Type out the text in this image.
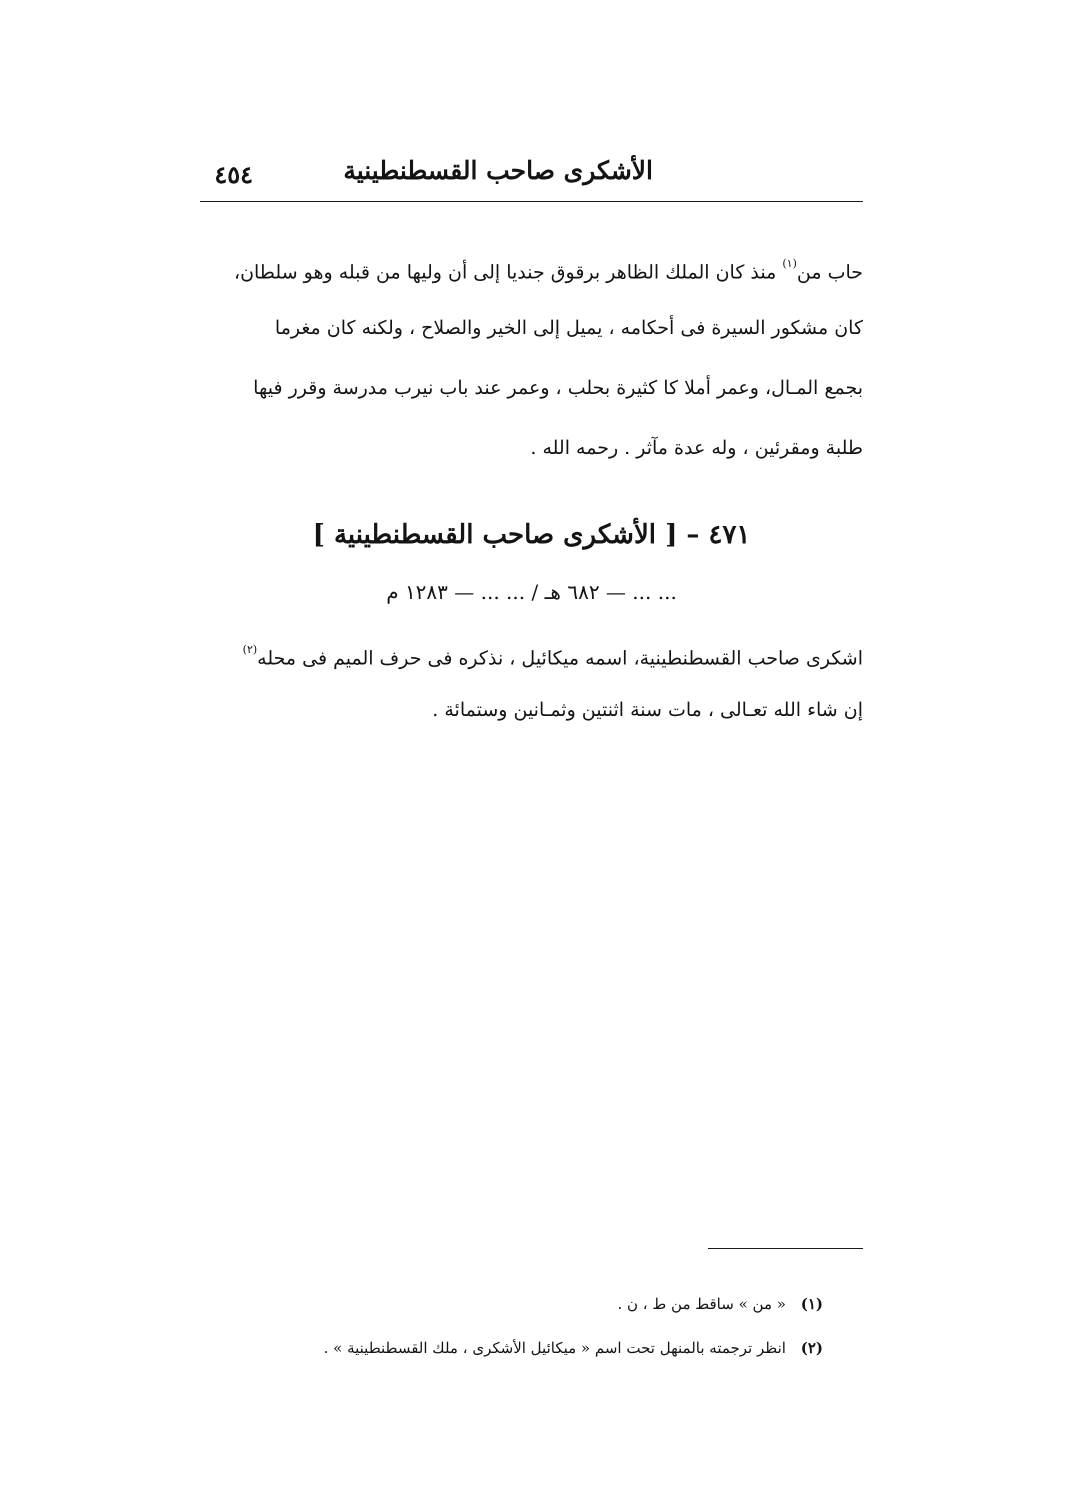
الأشكرى صاحب القسطنطينية
٤٥٤
حاب من$^{(١)}$ منذ كان الملك الظاهر برقوق جنديا إلى أن وليها من قبله وهو سلطان،
كان مشكور السيرة فى أحكامه ، يميل إلى الخير والصلاح ، ولكنه كان مغرما
بجمع المـال، وعمر أملا كا كثيرة بحلب ، وعمر عند باب نيرب مدرسة وقرر فيها
طلبة ومقرئين ، وله عدة مآثر . رحمه الله .
٤٧١ – [ الأشكرى صاحب القسطنطينية ]
... ... — ٦٨٢ هـ / ... ... — ١٢٨٣ م
اشكرى صاحب القسطنطينية، اسمه ميكائيل ، نذكره فى حرف الميم فى محله$^{(٢)}$
إن شاء الله تعـالى ، مات سنة اثنتين وثمـانين وستمائة .
(١) « من » ساقط من ط ، ن .
(٢) انظر ترجمته بالمنهل تحت اسم « ميكائيل الأشكرى ، ملك القسطنطينية » .
